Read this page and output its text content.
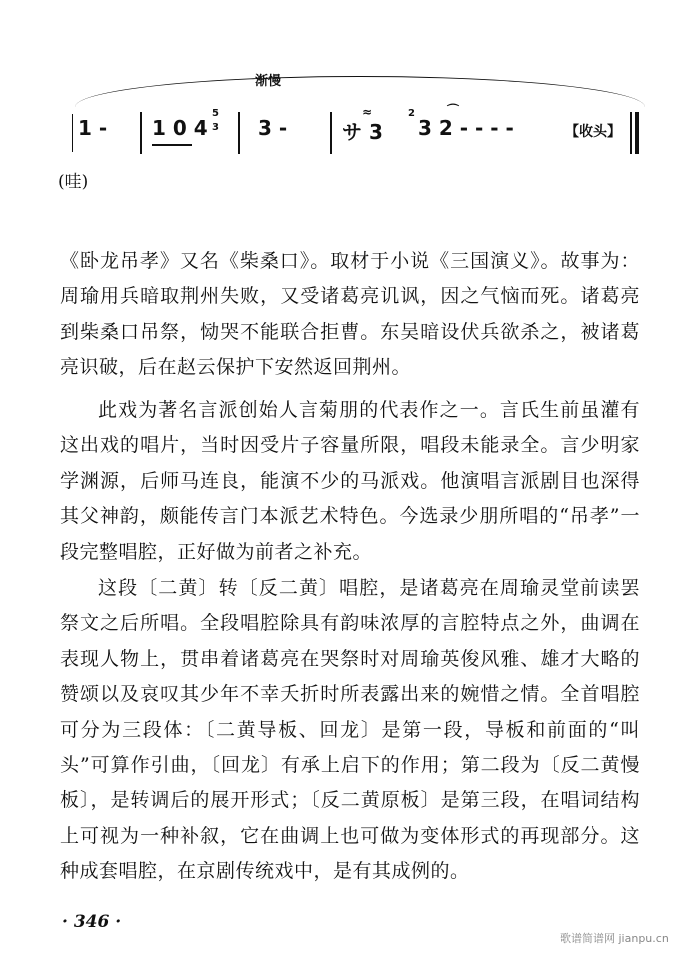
渐慢
1 - 1 0 4
5
3 3 -
≈
サ 3
2	⌒
3 2 - - - -	【收头】
(哇)

《卧龙吊孝》又名《柴桑口》。取材于小说《三国演义》。故事为：周瑜用兵暗取荆州失败，又受诸葛亮讥讽，因之气恼而死。诸葛亮到柴桑口吊祭，恸哭不能联合拒曹。东吴暗设伏兵欲杀之，被诸葛亮识破，后在赵云保护下安然返回荆州。

此戏为著名言派创始人言菊朋的代表作之一。言氏生前虽灌有这出戏的唱片，当时因受片子容量所限，唱段未能录全。言少明家学渊源，后师马连良，能演不少的马派戏。他演唱言派剧目也深得其父神韵，颇能传言门本派艺术特色。今选录少朋所唱的“吊孝”一段完整唱腔，正好做为前者之补充。

这段〔二黄〕转〔反二黄〕唱腔，是诸葛亮在周瑜灵堂前读罢祭文之后所唱。全段唱腔除具有韵味浓厚的言腔特点之外，曲调在表现人物上，贯串着诸葛亮在哭祭时对周瑜英俊风雅、雄才大略的赞颂以及哀叹其少年不幸夭折时所表露出来的婉惜之情。全首唱腔可分为三段体：〔二黄导板、回龙〕是第一段，导板和前面的“叫头”可算作引曲，〔回龙〕有承上启下的作用；第二段为〔反二黄慢板〕，是转调后的展开形式；〔反二黄原板〕是第三段，在唱词结构上可视为一种补叙，它在曲调上也可做为变体形式的再现部分。这种成套唱腔，在京剧传统戏中，是有其成例的。

· 346 ·
歌谱简谱网 jianpu.cn
